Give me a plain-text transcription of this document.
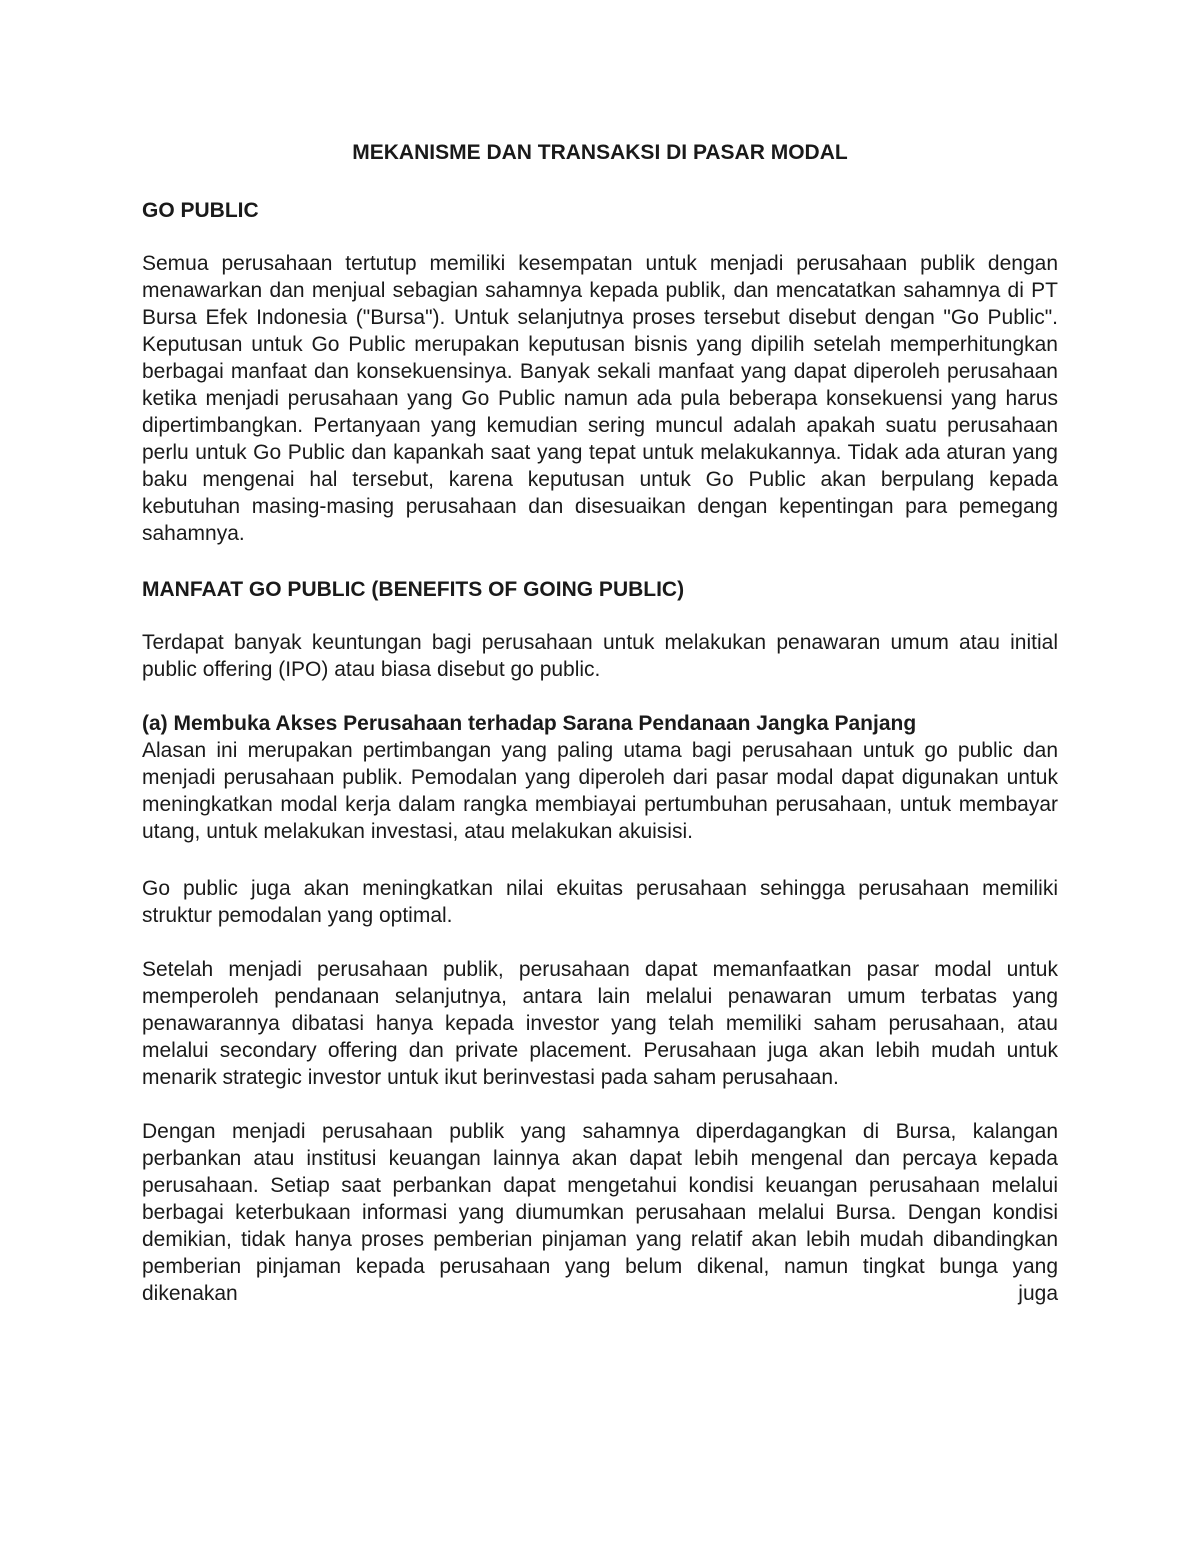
MEKANISME DAN TRANSAKSI DI PASAR MODAL
GO PUBLIC

Semua perusahaan tertutup memiliki kesempatan untuk menjadi perusahaan publik dengan menawarkan dan menjual sebagian sahamnya kepada publik, dan mencatatkan sahamnya di PT Bursa Efek Indonesia ("Bursa"). Untuk selanjutnya proses tersebut disebut dengan "Go Public". Keputusan untuk Go Public merupakan keputusan bisnis yang dipilih setelah memperhitungkan berbagai manfaat dan konsekuensinya. Banyak sekali manfaat yang dapat diperoleh perusahaan ketika menjadi perusahaan yang Go Public namun ada pula beberapa konsekuensi yang harus dipertimbangkan. Pertanyaan yang kemudian sering muncul adalah apakah suatu perusahaan perlu untuk Go Public dan kapankah saat yang tepat untuk melakukannya. Tidak ada aturan yang baku mengenai hal tersebut, karena keputusan untuk Go Public akan berpulang kepada kebutuhan masing-masing perusahaan dan disesuaikan dengan kepentingan para pemegang sahamnya.

MANFAAT GO PUBLIC (BENEFITS OF GOING PUBLIC)

Terdapat banyak keuntungan bagi perusahaan untuk melakukan penawaran umum atau initial public offering (IPO) atau biasa disebut go public.

(a) Membuka Akses Perusahaan terhadap Sarana Pendanaan Jangka Panjang

Alasan ini merupakan pertimbangan yang paling utama bagi perusahaan untuk go public dan menjadi perusahaan publik. Pemodalan yang diperoleh dari pasar modal dapat digunakan untuk meningkatkan modal kerja dalam rangka membiayai pertumbuhan perusahaan, untuk membayar utang, untuk melakukan investasi, atau melakukan akuisisi.

Go public juga akan meningkatkan nilai ekuitas perusahaan sehingga perusahaan memiliki struktur pemodalan yang optimal.

Setelah menjadi perusahaan publik, perusahaan dapat memanfaatkan pasar modal untuk memperoleh pendanaan selanjutnya, antara lain melalui penawaran umum terbatas yang penawarannya dibatasi hanya kepada investor yang telah memiliki saham perusahaan, atau melalui secondary offering dan private placement. Perusahaan juga akan lebih mudah untuk menarik strategic investor untuk ikut berinvestasi pada saham perusahaan.

Dengan menjadi perusahaan publik yang sahamnya diperdagangkan di Bursa, kalangan perbankan atau institusi keuangan lainnya akan dapat lebih mengenal dan percaya kepada perusahaan. Setiap saat perbankan dapat mengetahui kondisi keuangan perusahaan melalui berbagai keterbukaan informasi yang diumumkan perusahaan melalui Bursa. Dengan kondisi demikian, tidak hanya proses pemberian pinjaman yang relatif akan lebih mudah dibandingkan pemberian pinjaman kepada perusahaan yang belum dikenal, namun tingkat bunga yang dikenakan juga
